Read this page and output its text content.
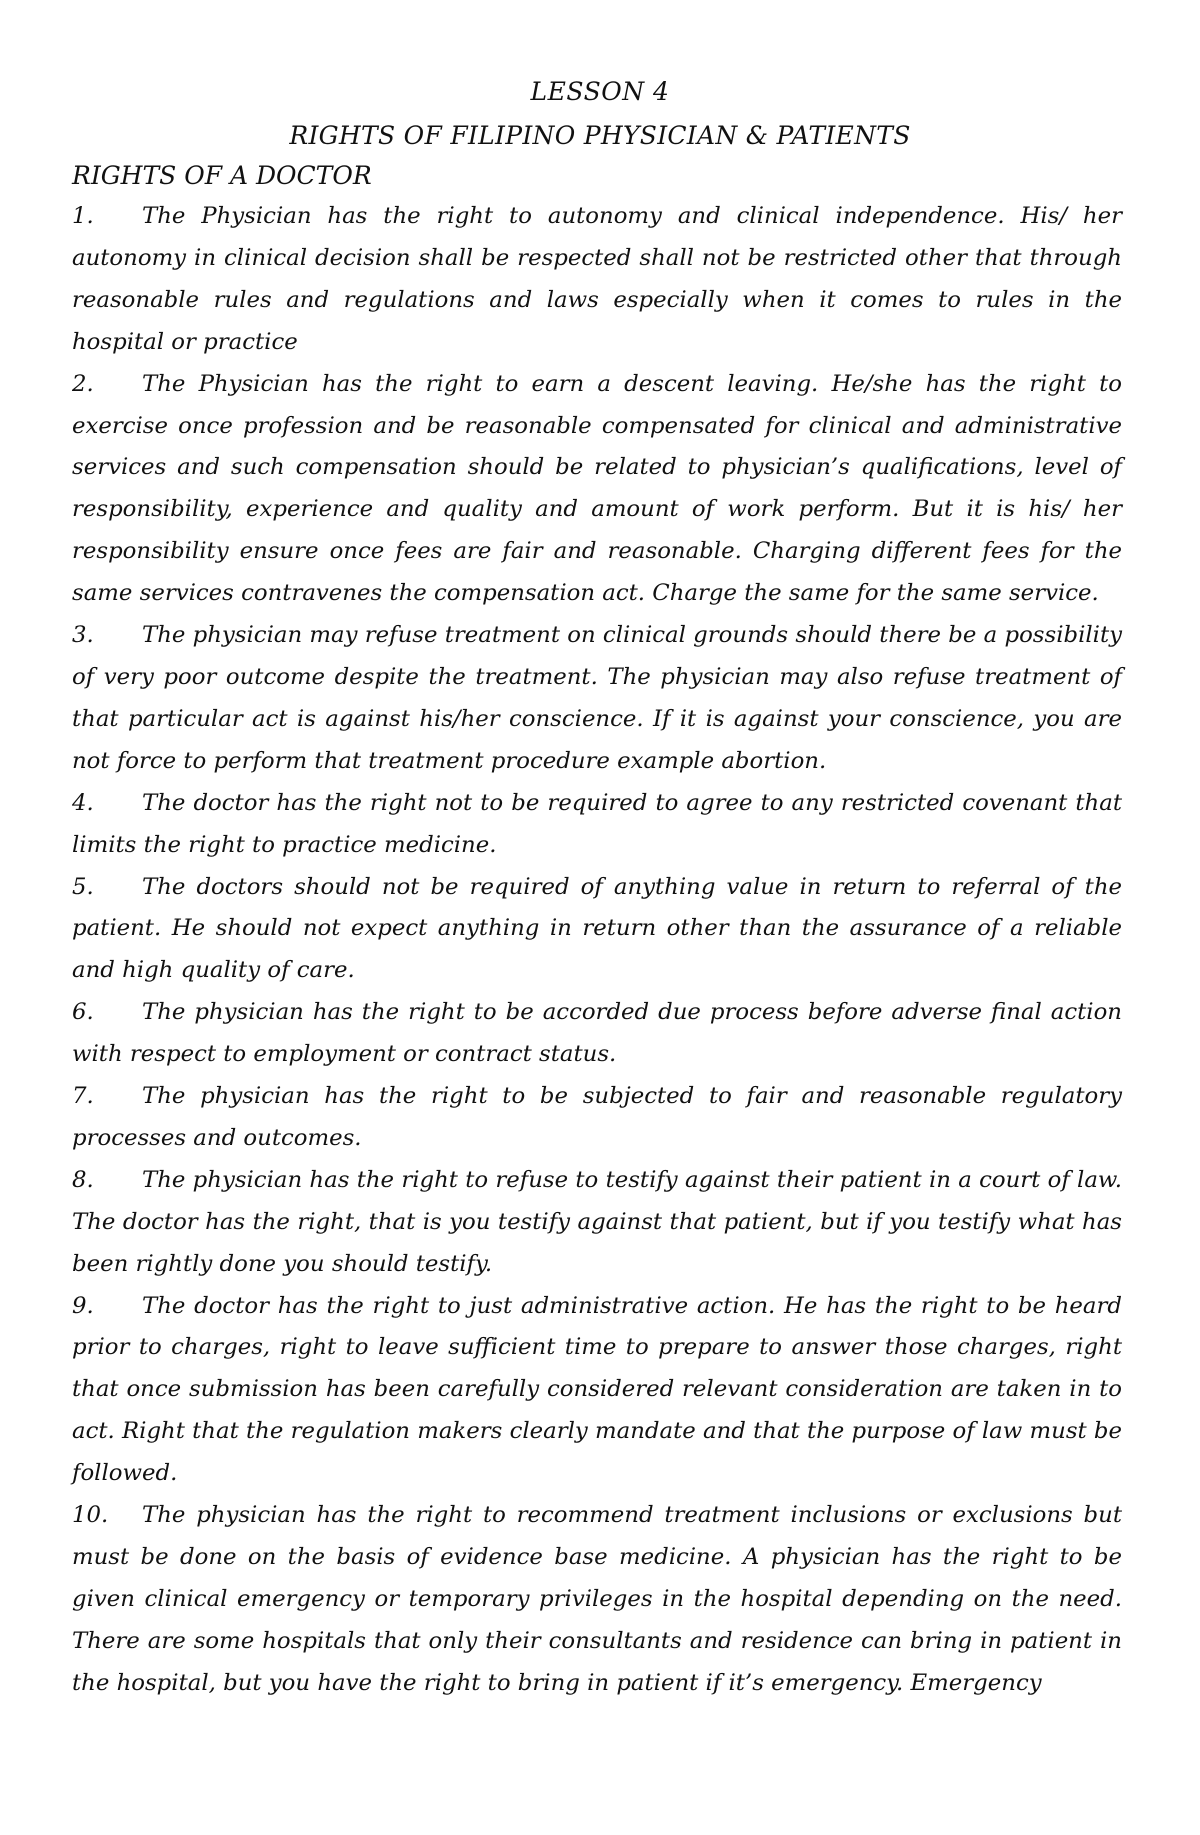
LESSON 4
RIGHTS OF FILIPINO PHYSICIAN & PATIENTS
RIGHTS OF A DOCTOR

1. The Physician has the right to autonomy and clinical independence. His/ her autonomy in clinical decision shall be respected shall not be restricted other that through reasonable rules and regulations and laws especially when it comes to rules in the hospital or practice

2. The Physician has the right to earn a descent leaving. He/she has the right to exercise once profession and be reasonable compensated for clinical and administrative services and such compensation should be related to physician’s qualifications, level of responsibility, experience and quality and amount of work perform. But it is his/ her responsibility ensure once fees are fair and reasonable. Charging different fees for the same services contravenes the compensation act. Charge the same for the same service.

3. The physician may refuse treatment on clinical grounds should there be a possibility of very poor outcome despite the treatment. The physician may also refuse treatment of that particular act is against his/her conscience. If it is against your conscience, you are not force to perform that treatment procedure example abortion.

4. The doctor has the right not to be required to agree to any restricted covenant that limits the right to practice medicine.

5. The doctors should not be required of anything value in return to referral of the patient. He should not expect anything in return other than the assurance of a reliable and high quality of care.

6. The physician has the right to be accorded due process before adverse final action with respect to employment or contract status.

7. The physician has the right to be subjected to fair and reasonable regulatory processes and outcomes.

8. The physician has the right to refuse to testify against their patient in a court of law. The doctor has the right, that is you testify against that patient, but if you testify what has been rightly done you should testify.

9. The doctor has the right to just administrative action. He has the right to be heard prior to charges, right to leave sufficient time to prepare to answer those charges, right that once submission has been carefully considered relevant consideration are taken in to act. Right that the regulation makers clearly mandate and that the purpose of law must be followed.

10. The physician has the right to recommend treatment inclusions or exclusions but must be done on the basis of evidence base medicine. A physician has the right to be given clinical emergency or temporary privileges in the hospital depending on the need. There are some hospitals that only their consultants and residence can bring in patient in the hospital, but you have the right to bring in patient if it’s emergency. Emergency
